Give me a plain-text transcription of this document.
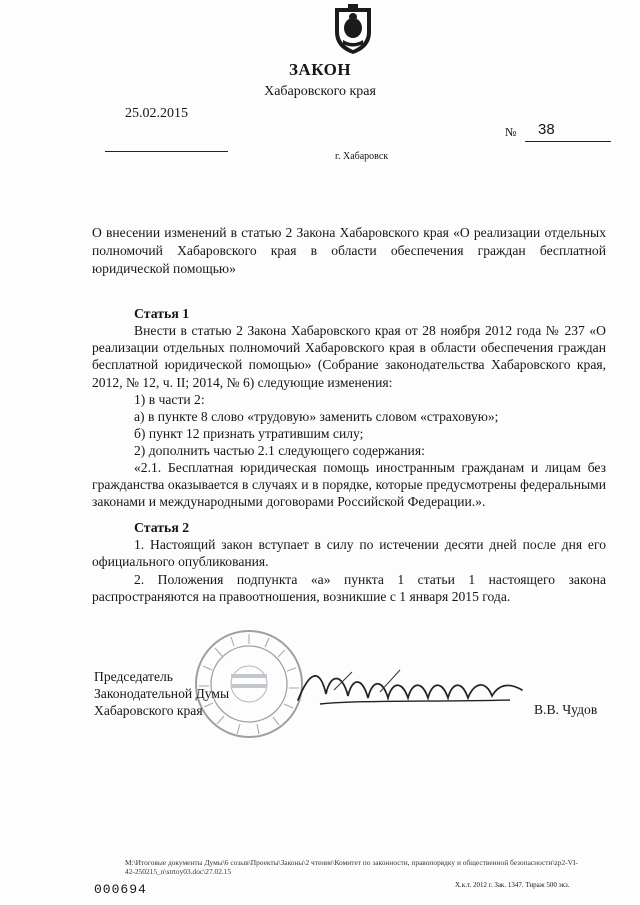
ЗАКОН
Хабаровского края
25.02.2015
№ 38
г. Хабаровск
О внесении изменений в статью 2 Закона Хабаровского края «О реализации отдельных полномочий Хабаровского края в области обеспечения граждан бесплатной юридической помощью»
Статья 1
Внести в статью 2 Закона Хабаровского края от 28 ноября 2012 года № 237 «О реализации отдельных полномочий Хабаровского края в области обеспечения граждан бесплатной юридической помощью» (Собрание законодательства Хабаровского края, 2012, № 12, ч. II; 2014, № 6) следующие изменения:
1) в части 2:
а) в пункте 8 слово «трудовую» заменить словом «страховую»;
б) пункт 12 признать утратившим силу;
2) дополнить частью 2.1 следующего содержания:
«2.1. Бесплатная юридическая помощь иностранным гражданам и лицам без гражданства оказывается в случаях и в порядке, которые предусмотрены федеральными законами и международными договорами Российской Федерации.».
Статья 2
1. Настоящий закон вступает в силу по истечении десяти дней после дня его официального опубликования.
2. Положения подпункта «а» пункта 1 статьи 1 настоящего закона распространяются на правоотношения, возникшие с 1 января 2015 года.
Председатель
Законодательной Думы
Хабаровского края	В.В. Чудов
M:\Итоговые документы Думы\6 созыв\Проекты\Законы\2 чтение\Комитет по законности, правопорядку и общественной безопасности\zp2-VI-
42-250215_n\strtoy03.doc\27.02.15
000694	Х.к.т. 2012 г. Зак. 1347. Тираж 500 экз.
